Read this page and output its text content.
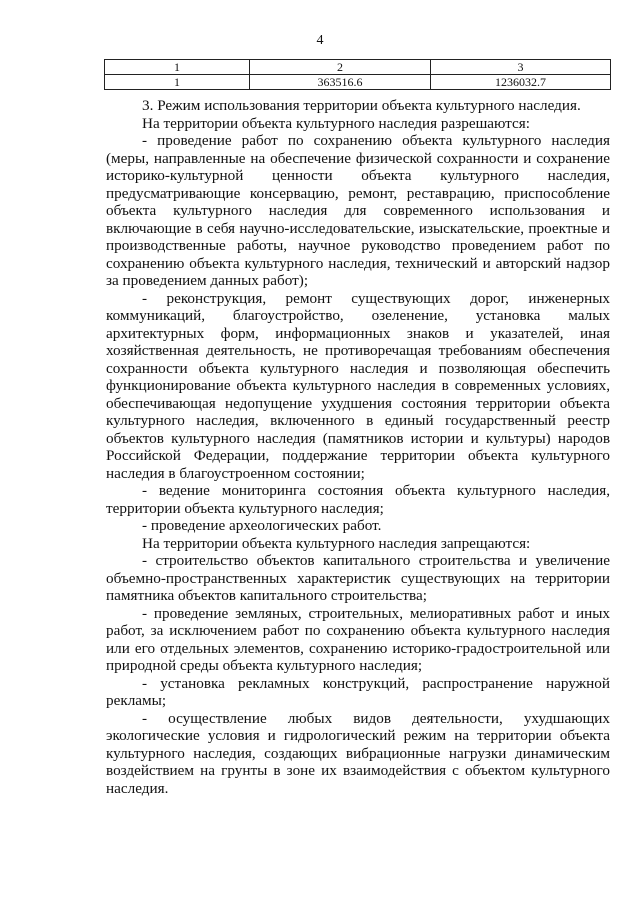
4
1	2	3
1	363516.6	1236032.7

3. Режим использования территории объекта культурного наследия.

На территории объекта культурного наследия разрешаются:

- проведение работ по сохранению объекта культурного наследия (меры, направленные на обеспечение физической сохранности и сохранение историко-культурной ценности объекта культурного наследия, предусматривающие консервацию, ремонт, реставрацию, приспособление объекта культурного наследия для современного использования и включающие в себя научно-исследовательские, изыскательские, проектные и производственные работы, научное руководство проведением работ по сохранению объекта культурного наследия, технический и авторский надзор за проведением данных работ);

- реконструкция, ремонт существующих дорог, инженерных коммуникаций, благоустройство, озеленение, установка малых архитектурных форм, информационных знаков и указателей, иная хозяйственная деятельность, не противоречащая требованиям обеспечения сохранности объекта культурного наследия и позволяющая обеспечить функционирование объекта культурного наследия в современных условиях, обеспечивающая недопущение ухудшения состояния территории объекта культурного наследия, включенного в единый государственный реестр объектов культурного наследия (памятников истории и культуры) народов Российской Федерации, поддержание территории объекта культурного наследия в благоустроенном состоянии;

- ведение мониторинга состояния объекта культурного наследия, территории объекта культурного наследия;

- проведение археологических работ.

На территории объекта культурного наследия запрещаются:

- строительство объектов капитального строительства и увеличение объемно-пространственных характеристик существующих на территории памятника объектов капитального строительства;

- проведение земляных, строительных, мелиоративных работ и иных работ, за исключением работ по сохранению объекта культурного наследия или его отдельных элементов, сохранению историко-градостроительной или природной среды объекта культурного наследия;

- установка рекламных конструкций, распространение наружной рекламы;

- осуществление любых видов деятельности, ухудшающих экологические условия и гидрологический режим на территории объекта культурного наследия, создающих вибрационные нагрузки динамическим воздействием на грунты в зоне их взаимодействия с объектом культурного наследия.
